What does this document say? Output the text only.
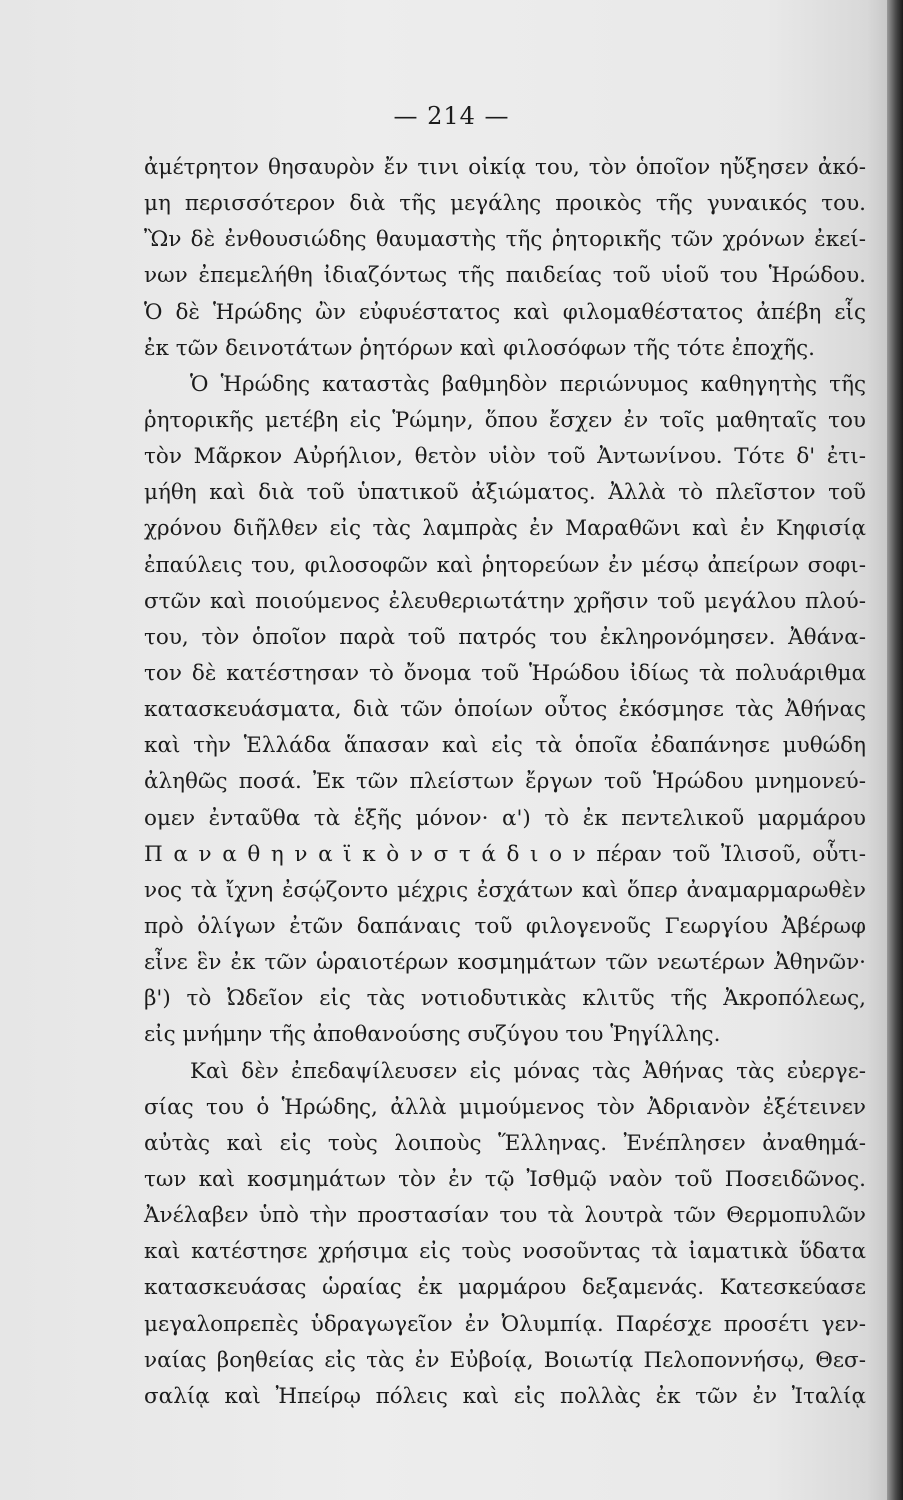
— 214 —
ἀμέτρητον θησαυρὸν ἔν τινι οἰκίᾳ του, τὸν ὁποῖον ηὔξησεν ἀκό-
μη περισσότερον διὰ τῆς μεγάλης προικὸς τῆς γυναικός του.
Ὢν δὲ ἐνθουσιώδης θαυμαστὴς τῆς ῥητορικῆς τῶν χρόνων ἐκεί-
νων ἐπεμελήθη ἰδιαζόντως τῆς παιδείας τοῦ υἱοῦ του Ἡρώδου.
Ὁ δὲ Ἡρώδης ὢν εὐφυέστατος καὶ φιλομαθέστατος ἀπέβη εἷς
ἐκ τῶν δεινοτάτων ῥητόρων καὶ φιλοσόφων τῆς τότε ἐποχῆς.
Ὁ Ἡρώδης καταστὰς βαθμηδὸν περιώνυμος καθηγητὴς τῆς
ῥητορικῆς μετέβη εἰς Ῥώμην, ὅπου ἔσχεν ἐν τοῖς μαθηταῖς του
τὸν Μᾶρκον Αὐρήλιον, θετὸν υἱὸν τοῦ Ἀντωνίνου. Τότε δ' ἐτι-
μήθη καὶ διὰ τοῦ ὑπατικοῦ ἀξιώματος. Ἀλλὰ τὸ πλεῖστον τοῦ
χρόνου διῆλθεν εἰς τὰς λαμπρὰς ἐν Μαραθῶνι καὶ ἐν Κηφισίᾳ
ἐπαύλεις του, φιλοσοφῶν καὶ ῥητορεύων ἐν μέσῳ ἀπείρων σοφι-
στῶν καὶ ποιούμενος ἐλευθεριωτάτην χρῆσιν τοῦ μεγάλου πλού-
του, τὸν ὁποῖον παρὰ τοῦ πατρός του ἐκληρονόμησεν. Ἀθάνα-
τον δὲ κατέστησαν τὸ ὄνομα τοῦ Ἡρώδου ἰδίως τὰ πολυάριθμα
κατασκευάσματα, διὰ τῶν ὁποίων οὗτος ἐκόσμησε τὰς Ἀθήνας
καὶ τὴν Ἑλλάδα ἅπασαν καὶ εἰς τὰ ὁποῖα ἐδαπάνησε μυθώδη
ἀληθῶς ποσά. Ἐκ τῶν πλείστων ἔργων τοῦ Ἡρώδου μνημονεύ-
ομεν ἐνταῦθα τὰ ἑξῆς μόνον· α') τὸ ἐκ πεντελικοῦ μαρμάρου
Π α ν α θ η ν α ϊ κ ὸ ν σ τ ά δ ι ο ν πέραν τοῦ Ἰλισοῦ, οὗτι-
νος τὰ ἴχνη ἐσῴζοντο μέχρις ἐσχάτων καὶ ὅπερ ἀναμαρμαρωθὲν
πρὸ ὀλίγων ἐτῶν δαπάναις τοῦ φιλογενοῦς Γεωργίου Ἀβέρωφ
εἶνε ἓν ἐκ τῶν ὡραιοτέρων κοσμημάτων τῶν νεωτέρων Ἀθηνῶν·
β') τὸ Ὠδεῖον εἰς τὰς νοτιοδυτικὰς κλιτῦς τῆς Ἀκροπόλεως,
εἰς μνήμην τῆς ἀποθανούσης συζύγου του Ῥηγίλλης.
Καὶ δὲν ἐπεδαψίλευσεν εἰς μόνας τὰς Ἀθήνας τὰς εὐεργε-
σίας του ὁ Ἡρώδης, ἀλλὰ μιμούμενος τὸν Ἀδριανὸν ἐξέτεινεν
αὐτὰς καὶ εἰς τοὺς λοιποὺς Ἕλληνας. Ἐνέπλησεν ἀναθημά-
των καὶ κοσμημάτων τὸν ἐν τῷ Ἰσθμῷ ναὸν τοῦ Ποσειδῶνος.
Ἀνέλαβεν ὑπὸ τὴν προστασίαν του τὰ λουτρὰ τῶν Θερμοπυλῶν
καὶ κατέστησε χρήσιμα εἰς τοὺς νοσοῦντας τὰ ἰαματικὰ ὕδατα
κατασκευάσας ὡραίας ἐκ μαρμάρου δεξαμενάς. Κατεσκεύασε
μεγαλοπρεπὲς ὑδραγωγεῖον ἐν Ὀλυμπίᾳ. Παρέσχε προσέτι γεν-
ναίας βοηθείας εἰς τὰς ἐν Εὐβοίᾳ, Βοιωτίᾳ Πελοποννήσῳ, Θεσ-
σαλίᾳ καὶ Ἠπείρῳ πόλεις καὶ εἰς πολλὰς ἐκ τῶν ἐν Ἰταλίᾳ
